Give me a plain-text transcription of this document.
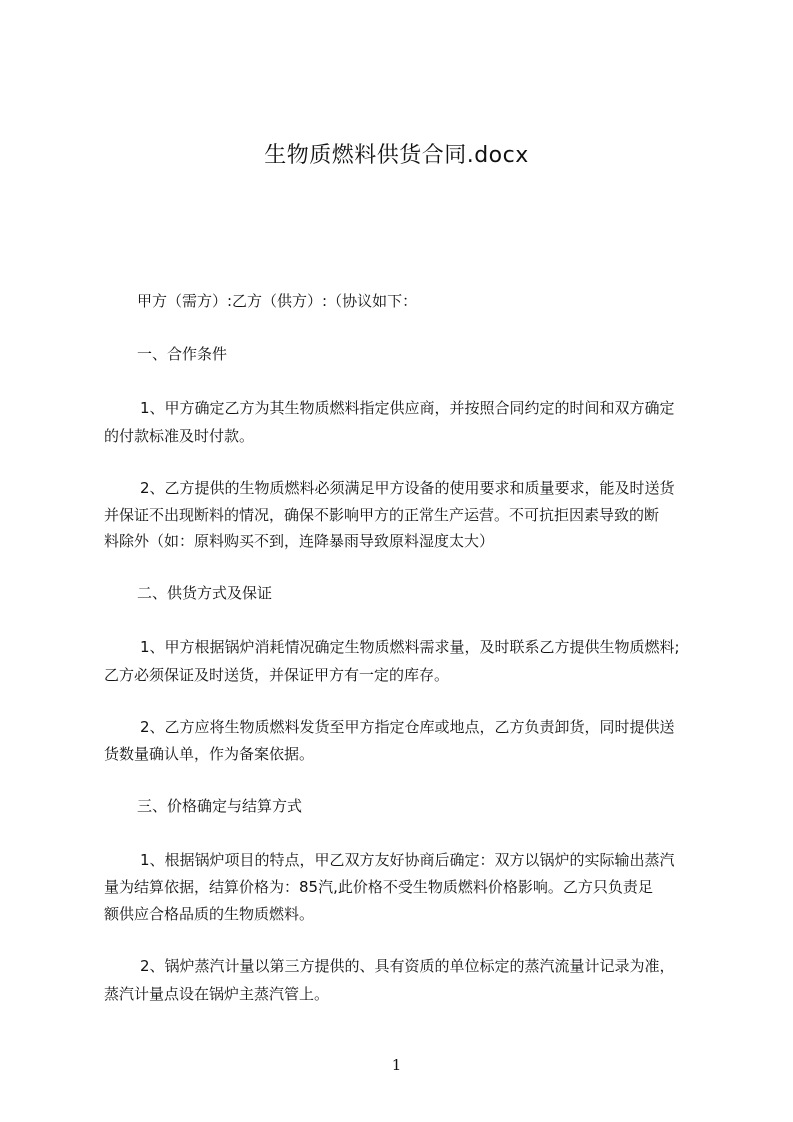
生物质燃料供货合同.docx
甲方（需方）:乙方（供方）:（协议如下：
一、合作条件
1、甲方确定乙方为其生物质燃料指定供应商，并按照合同约定的时间和双方确定
的付款标准及时付款。
2、乙方提供的生物质燃料必须满足甲方设备的使用要求和质量要求，能及时送货
并保证不出现断料的情况，确保不影响甲方的正常生产运营。不可抗拒因素导致的断
料除外（如：原料购买不到，连降暴雨导致原料湿度太大）
二、供货方式及保证
1、甲方根据锅炉消耗情况确定生物质燃料需求量，及时联系乙方提供生物质燃料;
乙方必须保证及时送货，并保证甲方有一定的库存。
2、乙方应将生物质燃料发货至甲方指定仓库或地点，乙方负责卸货，同时提供送
货数量确认单，作为备案依据。
三、价格确定与结算方式
1、根据锅炉项目的特点，甲乙双方友好协商后确定：双方以锅炉的实际输出蒸汽
量为结算依据，结算价格为：85汽,此价格不受生物质燃料价格影响。乙方只负责足
额供应合格品质的生物质燃料。
2、锅炉蒸汽计量以第三方提供的、具有资质的单位标定的蒸汽流量计记录为准，
蒸汽计量点设在锅炉主蒸汽管上。
1
